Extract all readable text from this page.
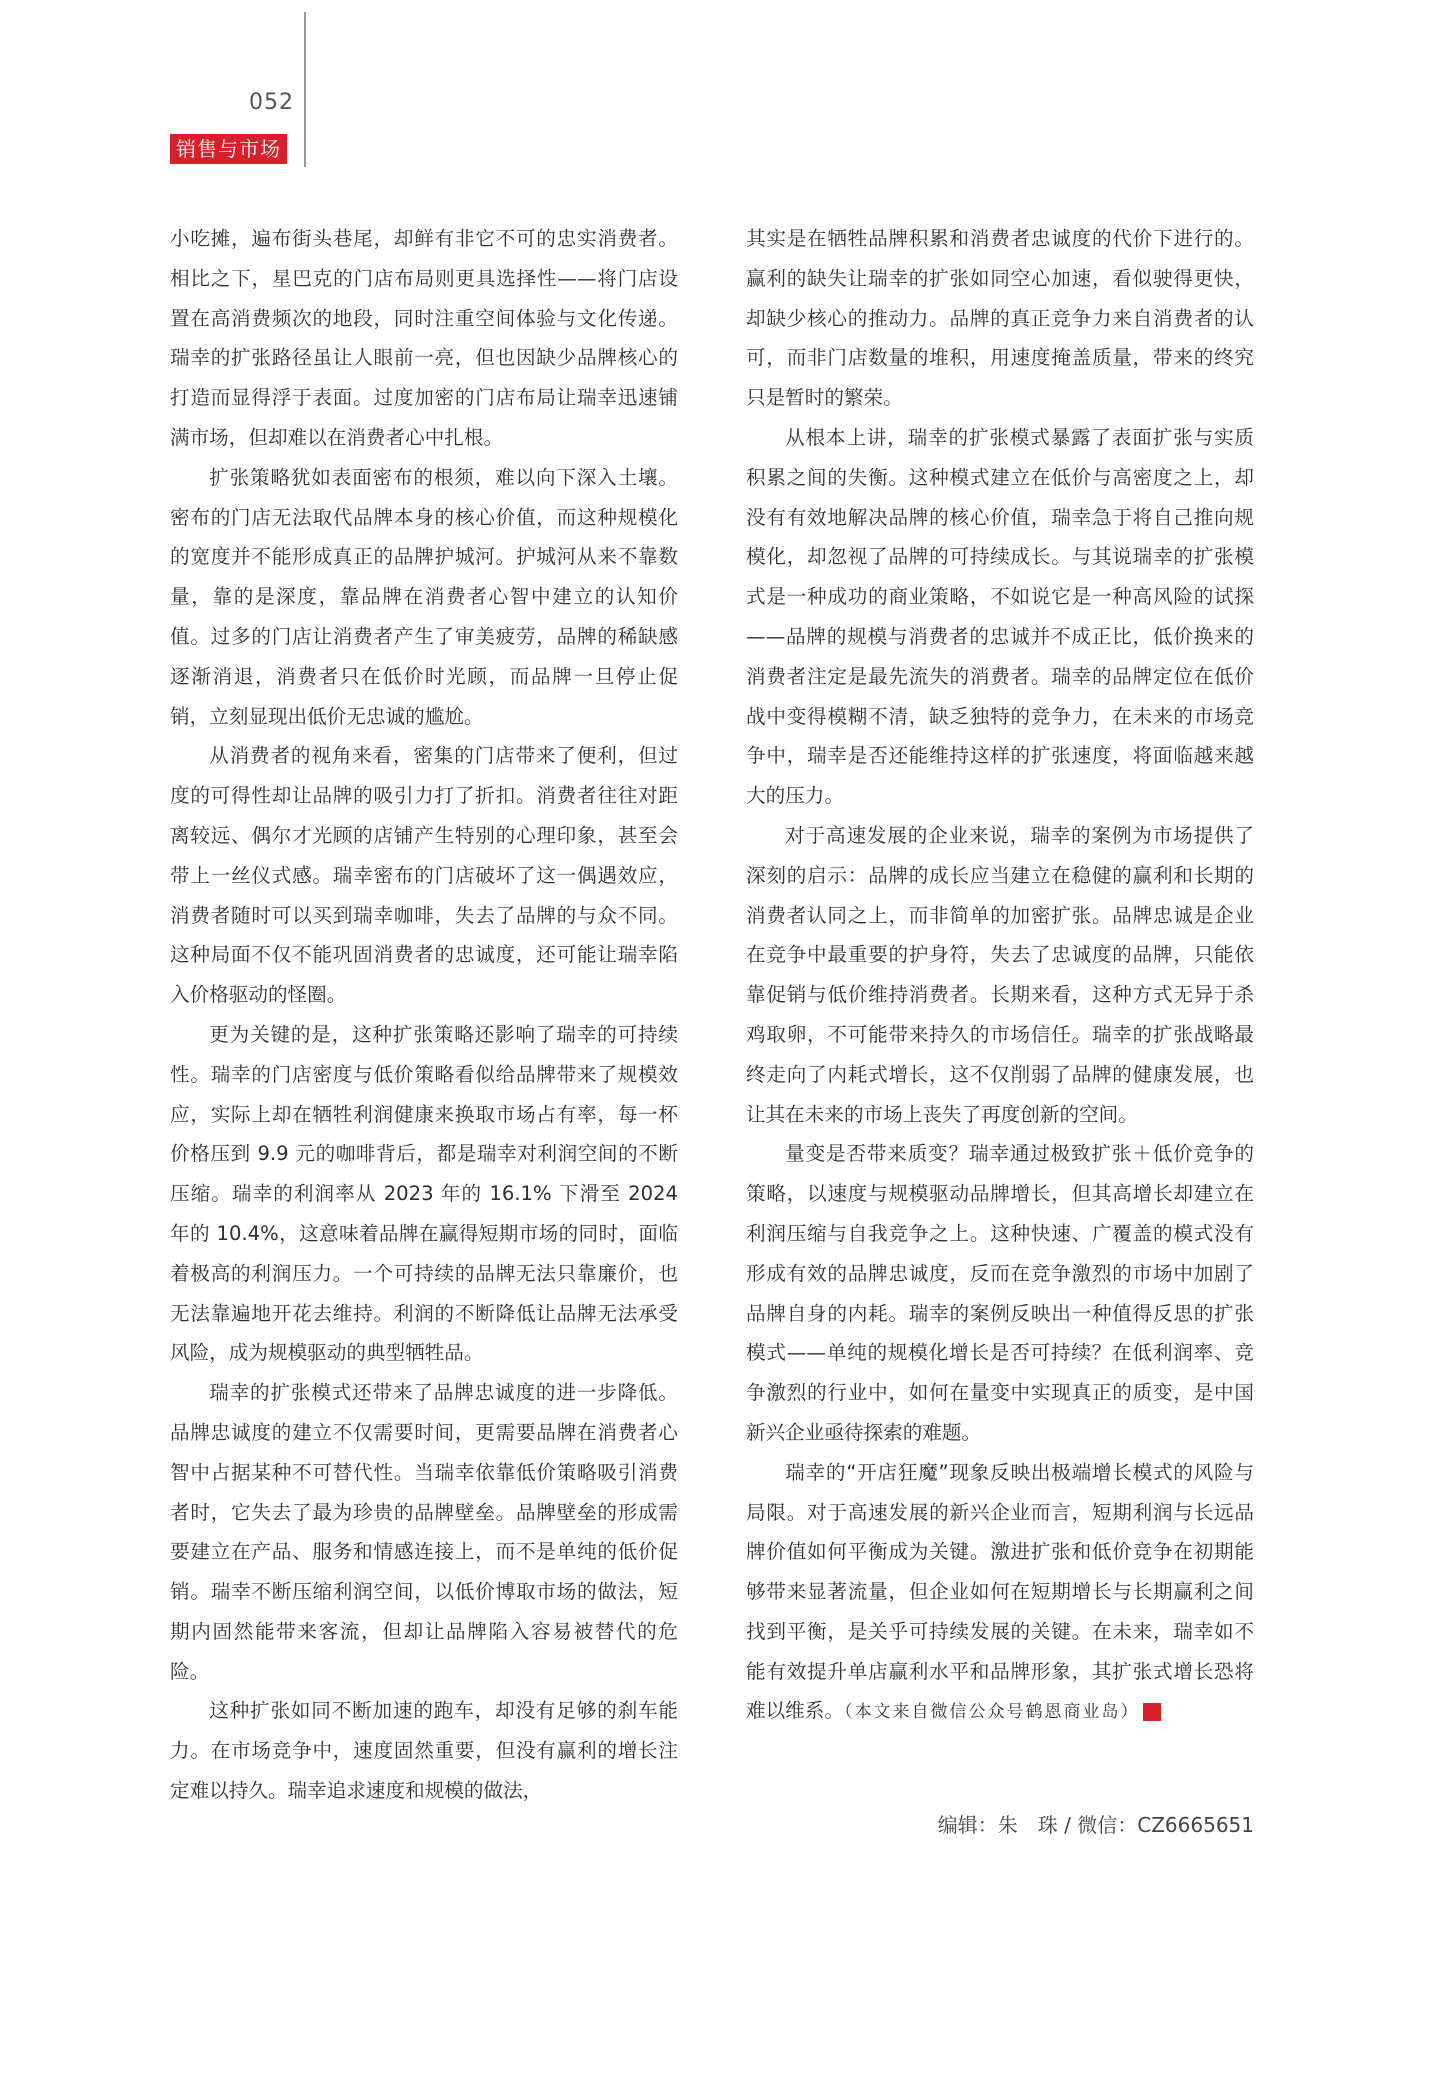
052
销售与市场

小吃摊，遍布街头巷尾，却鲜有非它不可的忠实消费者。相比之下，星巴克的门店布局则更具选择性——将门店设置在高消费频次的地段，同时注重空间体验与文化传递。瑞幸的扩张路径虽让人眼前一亮，但也因缺少品牌核心的打造而显得浮于表面。过度加密的门店布局让瑞幸迅速铺满市场，但却难以在消费者心中扎根。

扩张策略犹如表面密布的根须，难以向下深入土壤。密布的门店无法取代品牌本身的核心价值，而这种规模化的宽度并不能形成真正的品牌护城河。护城河从来不靠数量，靠的是深度，靠品牌在消费者心智中建立的认知价值。过多的门店让消费者产生了审美疲劳，品牌的稀缺感逐渐消退，消费者只在低价时光顾，而品牌一旦停止促销，立刻显现出低价无忠诚的尴尬。

从消费者的视角来看，密集的门店带来了便利，但过度的可得性却让品牌的吸引力打了折扣。消费者往往对距离较远、偶尔才光顾的店铺产生特别的心理印象，甚至会带上一丝仪式感。瑞幸密布的门店破坏了这一偶遇效应，消费者随时可以买到瑞幸咖啡，失去了品牌的与众不同。这种局面不仅不能巩固消费者的忠诚度，还可能让瑞幸陷入价格驱动的怪圈。

更为关键的是，这种扩张策略还影响了瑞幸的可持续性。瑞幸的门店密度与低价策略看似给品牌带来了规模效应，实际上却在牺牲利润健康来换取市场占有率，每一杯价格压到 9.9 元的咖啡背后，都是瑞幸对利润空间的不断压缩。瑞幸的利润率从 2023 年的 16.1% 下滑至 2024 年的 10.4%，这意味着品牌在赢得短期市场的同时，面临着极高的利润压力。一个可持续的品牌无法只靠廉价，也无法靠遍地开花去维持。利润的不断降低让品牌无法承受风险，成为规模驱动的典型牺牲品。

瑞幸的扩张模式还带来了品牌忠诚度的进一步降低。品牌忠诚度的建立不仅需要时间，更需要品牌在消费者心智中占据某种不可替代性。当瑞幸依靠低价策略吸引消费者时，它失去了最为珍贵的品牌壁垒。品牌壁垒的形成需要建立在产品、服务和情感连接上，而不是单纯的低价促销。瑞幸不断压缩利润空间，以低价博取市场的做法，短期内固然能带来客流，但却让品牌陷入容易被替代的危险。

这种扩张如同不断加速的跑车，却没有足够的刹车能力。在市场竞争中，速度固然重要，但没有赢利的增长注定难以持久。瑞幸追求速度和规模的做法，

其实是在牺牲品牌积累和消费者忠诚度的代价下进行的。赢利的缺失让瑞幸的扩张如同空心加速，看似驶得更快，却缺少核心的推动力。品牌的真正竞争力来自消费者的认可，而非门店数量的堆积，用速度掩盖质量，带来的终究只是暂时的繁荣。

从根本上讲，瑞幸的扩张模式暴露了表面扩张与实质积累之间的失衡。这种模式建立在低价与高密度之上，却没有有效地解决品牌的核心价值，瑞幸急于将自己推向规模化，却忽视了品牌的可持续成长。与其说瑞幸的扩张模式是一种成功的商业策略，不如说它是一种高风险的试探——品牌的规模与消费者的忠诚并不成正比，低价换来的消费者注定是最先流失的消费者。瑞幸的品牌定位在低价战中变得模糊不清，缺乏独特的竞争力，在未来的市场竞争中，瑞幸是否还能维持这样的扩张速度，将面临越来越大的压力。

对于高速发展的企业来说，瑞幸的案例为市场提供了深刻的启示：品牌的成长应当建立在稳健的赢利和长期的消费者认同之上，而非简单的加密扩张。品牌忠诚是企业在竞争中最重要的护身符，失去了忠诚度的品牌，只能依靠促销与低价维持消费者。长期来看，这种方式无异于杀鸡取卵，不可能带来持久的市场信任。瑞幸的扩张战略最终走向了内耗式增长，这不仅削弱了品牌的健康发展，也让其在未来的市场上丧失了再度创新的空间。

量变是否带来质变？瑞幸通过极致扩张＋低价竞争的策略，以速度与规模驱动品牌增长，但其高增长却建立在利润压缩与自我竞争之上。这种快速、广覆盖的模式没有形成有效的品牌忠诚度，反而在竞争激烈的市场中加剧了品牌自身的内耗。瑞幸的案例反映出一种值得反思的扩张模式——单纯的规模化增长是否可持续？在低利润率、竞争激烈的行业中，如何在量变中实现真正的质变，是中国新兴企业亟待探索的难题。

瑞幸的“开店狂魔”现象反映出极端增长模式的风险与局限。对于高速发展的新兴企业而言，短期利润与长远品牌价值如何平衡成为关键。激进扩张和低价竞争在初期能够带来显著流量，但企业如何在短期增长与长期赢利之间找到平衡，是关乎可持续发展的关键。在未来，瑞幸如不能有效提升单店赢利水平和品牌形象，其扩张式增长恐将难以维系。（本文来自微信公众号鹤恩商业岛）	S

编辑：朱　珠 / 微信：CZ6665651
